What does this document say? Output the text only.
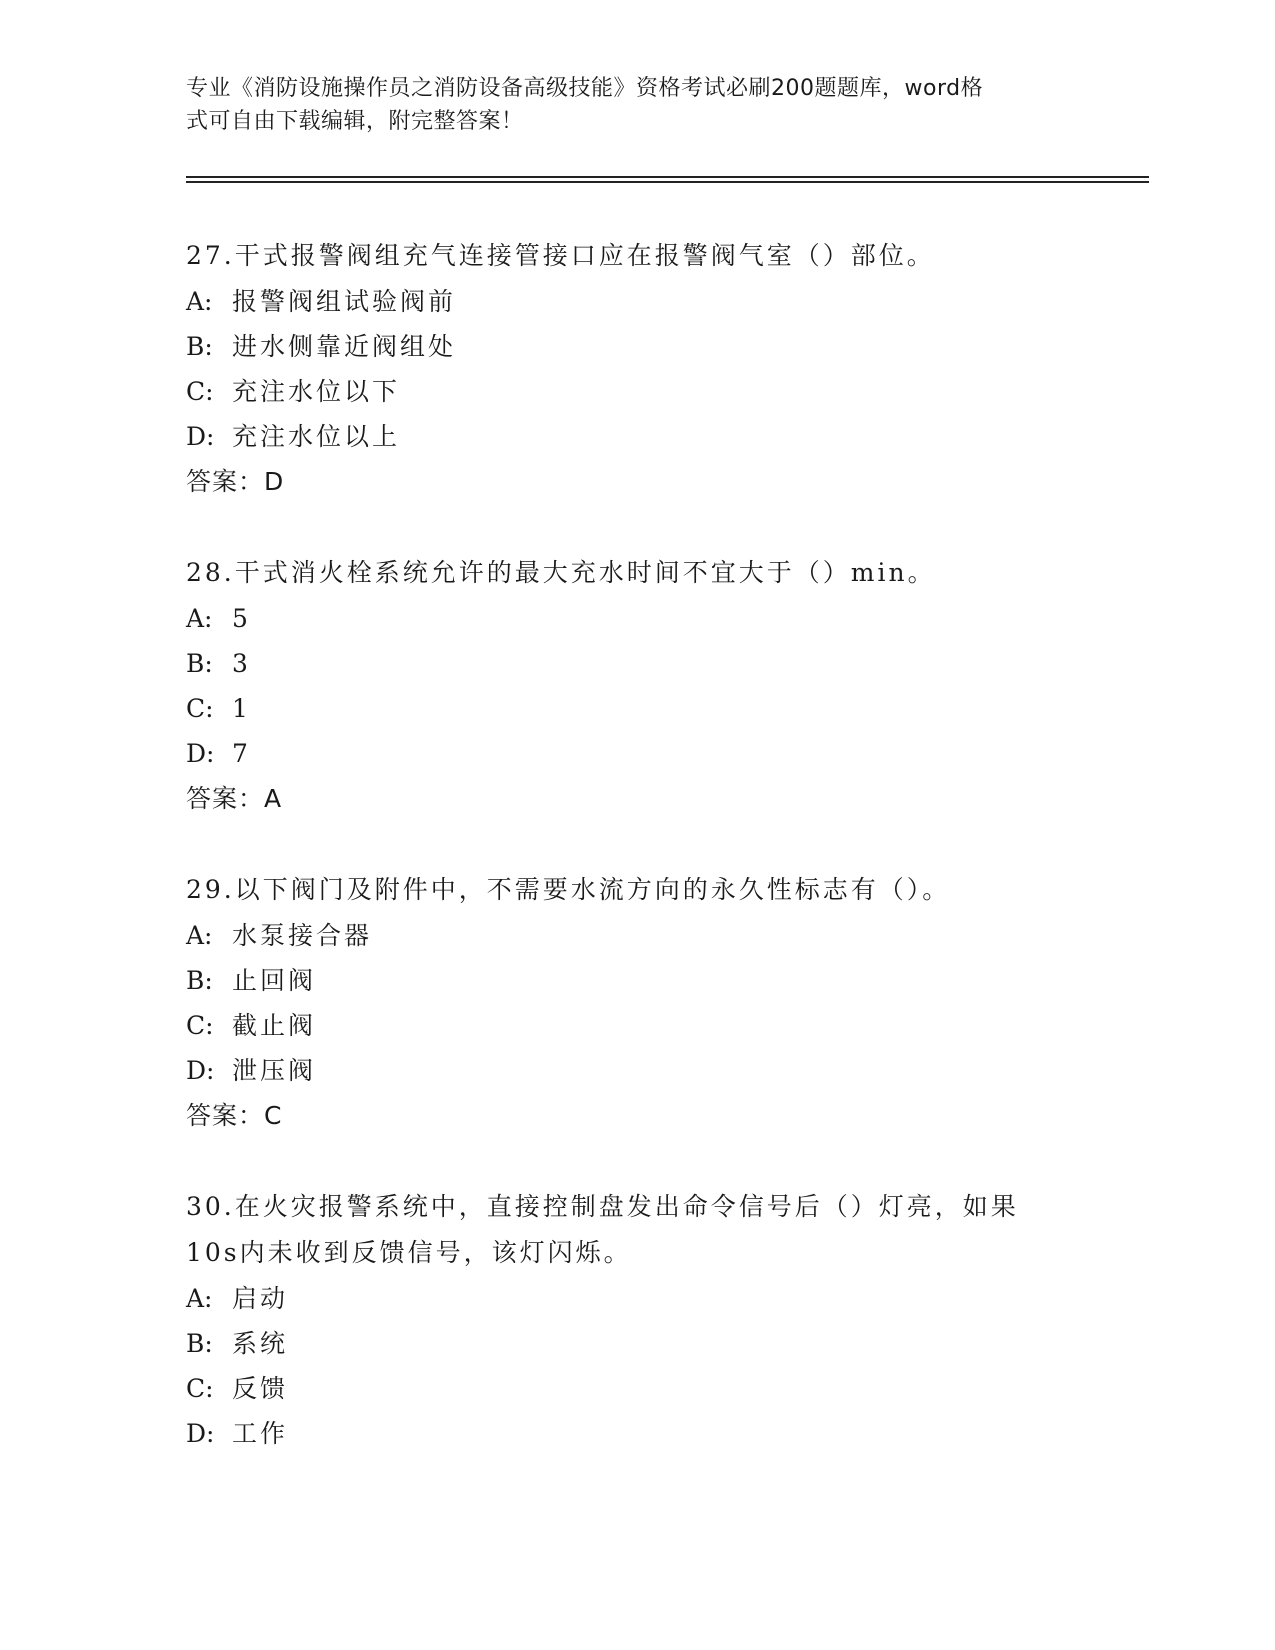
专业《消防设施操作员之消防设备高级技能》资格考试必刷200题题库，word格
式可自由下载编辑，附完整答案！
27.干式报警阀组充气连接管接口应在报警阀气室（）部位。
A: 报警阀组试验阀前
B: 进水侧靠近阀组处
C: 充注水位以下
D: 充注水位以上
答案：D
28.干式消火栓系统允许的最大充水时间不宜大于（）min。
A: 5
B: 3
C: 1
D: 7
答案：A
29.以下阀门及附件中，不需要水流方向的永久性标志有（）。
A: 水泵接合器
B: 止回阀
C: 截止阀
D: 泄压阀
答案：C
30.在火灾报警系统中，直接控制盘发出命令信号后（）灯亮，如果
10s内未收到反馈信号，该灯闪烁。
A: 启动
B: 系统
C: 反馈
D: 工作
